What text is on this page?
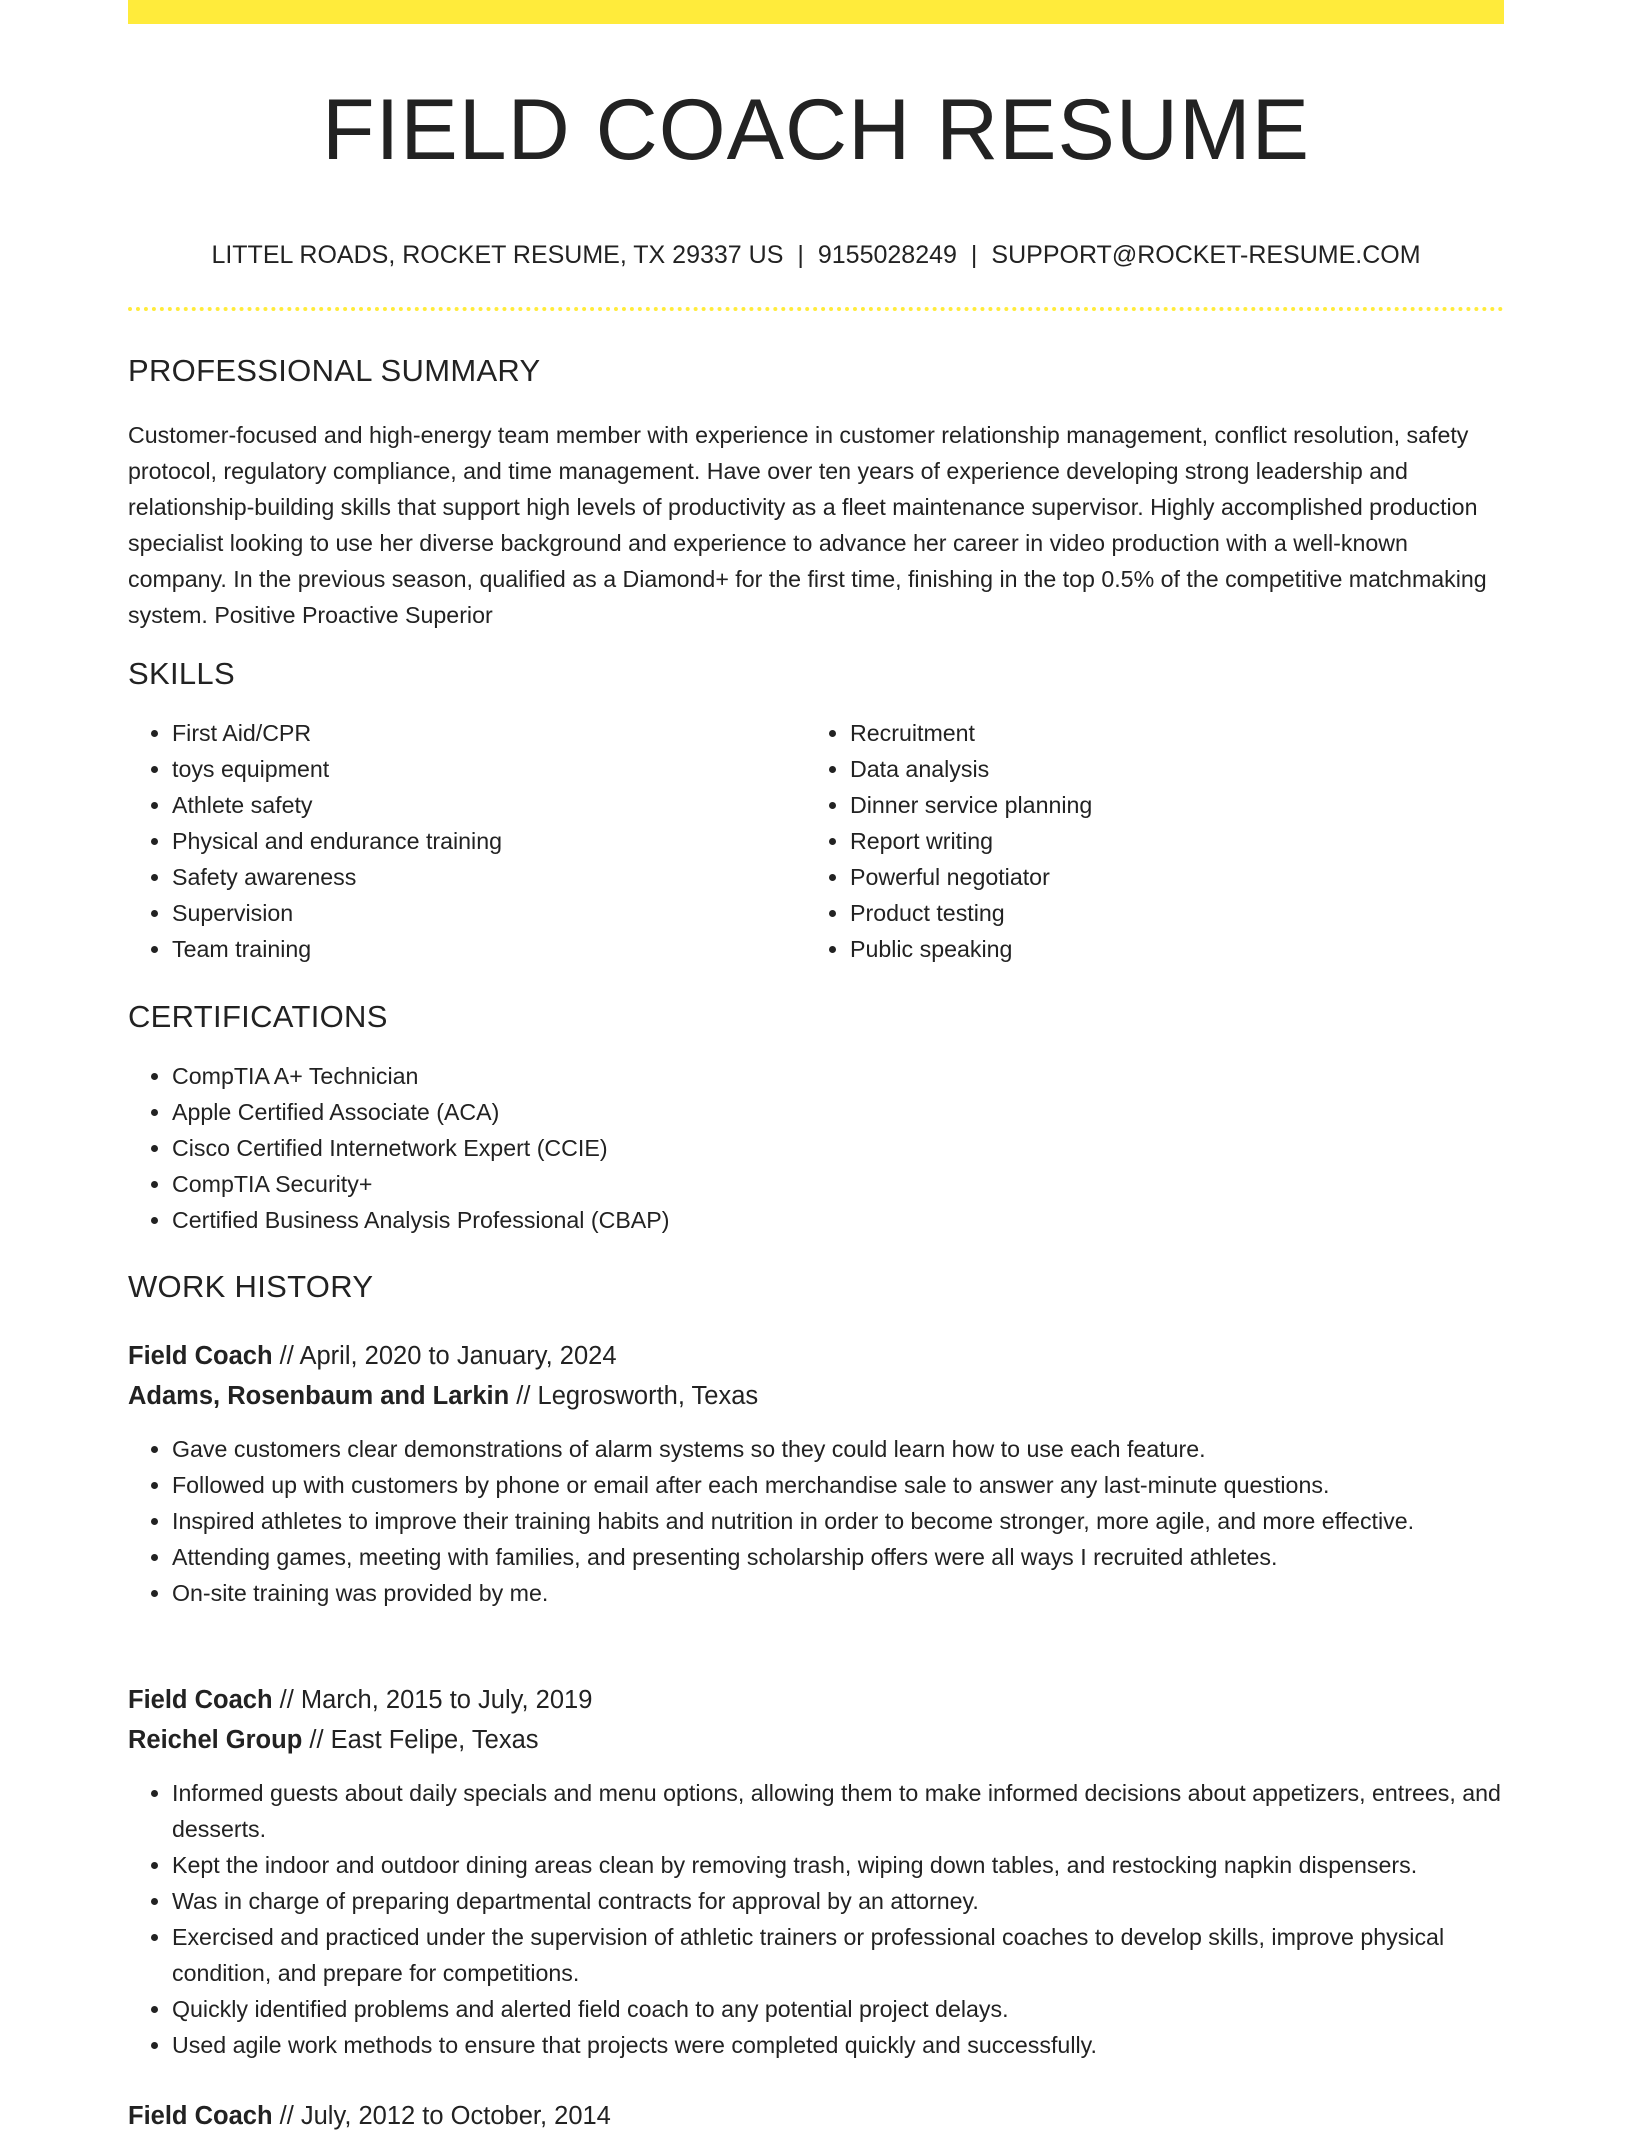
FIELD COACH RESUME
LITTEL ROADS, ROCKET RESUME, TX 29337 US | 9155028249 | SUPPORT@ROCKET-RESUME.COM
PROFESSIONAL SUMMARY
Customer-focused and high-energy team member with experience in customer relationship management, conflict resolution, safety protocol, regulatory compliance, and time management. Have over ten years of experience developing strong leadership and relationship-building skills that support high levels of productivity as a fleet maintenance supervisor. Highly accomplished production specialist looking to use her diverse background and experience to advance her career in video production with a well-known company. In the previous season, qualified as a Diamond+ for the first time, finishing in the top 0.5% of the competitive matchmaking system. Positive Proactive Superior
SKILLS
• First Aid/CPR
• toys equipment
• Athlete safety
• Physical and endurance training
• Safety awareness
• Supervision
• Team training
• Recruitment
• Data analysis
• Dinner service planning
• Report writing
• Powerful negotiator
• Product testing
• Public speaking
CERTIFICATIONS
• CompTIA A+ Technician
• Apple Certified Associate (ACA)
• Cisco Certified Internetwork Expert (CCIE)
• CompTIA Security+
• Certified Business Analysis Professional (CBAP)
WORK HISTORY
Field Coach // April, 2020 to January, 2024
Adams, Rosenbaum and Larkin // Legrosworth, Texas
• Gave customers clear demonstrations of alarm systems so they could learn how to use each feature.
• Followed up with customers by phone or email after each merchandise sale to answer any last-minute questions.
• Inspired athletes to improve their training habits and nutrition in order to become stronger, more agile, and more effective.
• Attending games, meeting with families, and presenting scholarship offers were all ways I recruited athletes.
• On-site training was provided by me.
Field Coach // March, 2015 to July, 2019
Reichel Group // East Felipe, Texas
• Informed guests about daily specials and menu options, allowing them to make informed decisions about appetizers, entrees, and desserts.
• Kept the indoor and outdoor dining areas clean by removing trash, wiping down tables, and restocking napkin dispensers.
• Was in charge of preparing departmental contracts for approval by an attorney.
• Exercised and practiced under the supervision of athletic trainers or professional coaches to develop skills, improve physical condition, and prepare for competitions.
• Quickly identified problems and alerted field coach to any potential project delays.
• Used agile work methods to ensure that projects were completed quickly and successfully.
Field Coach // July, 2012 to October, 2014
